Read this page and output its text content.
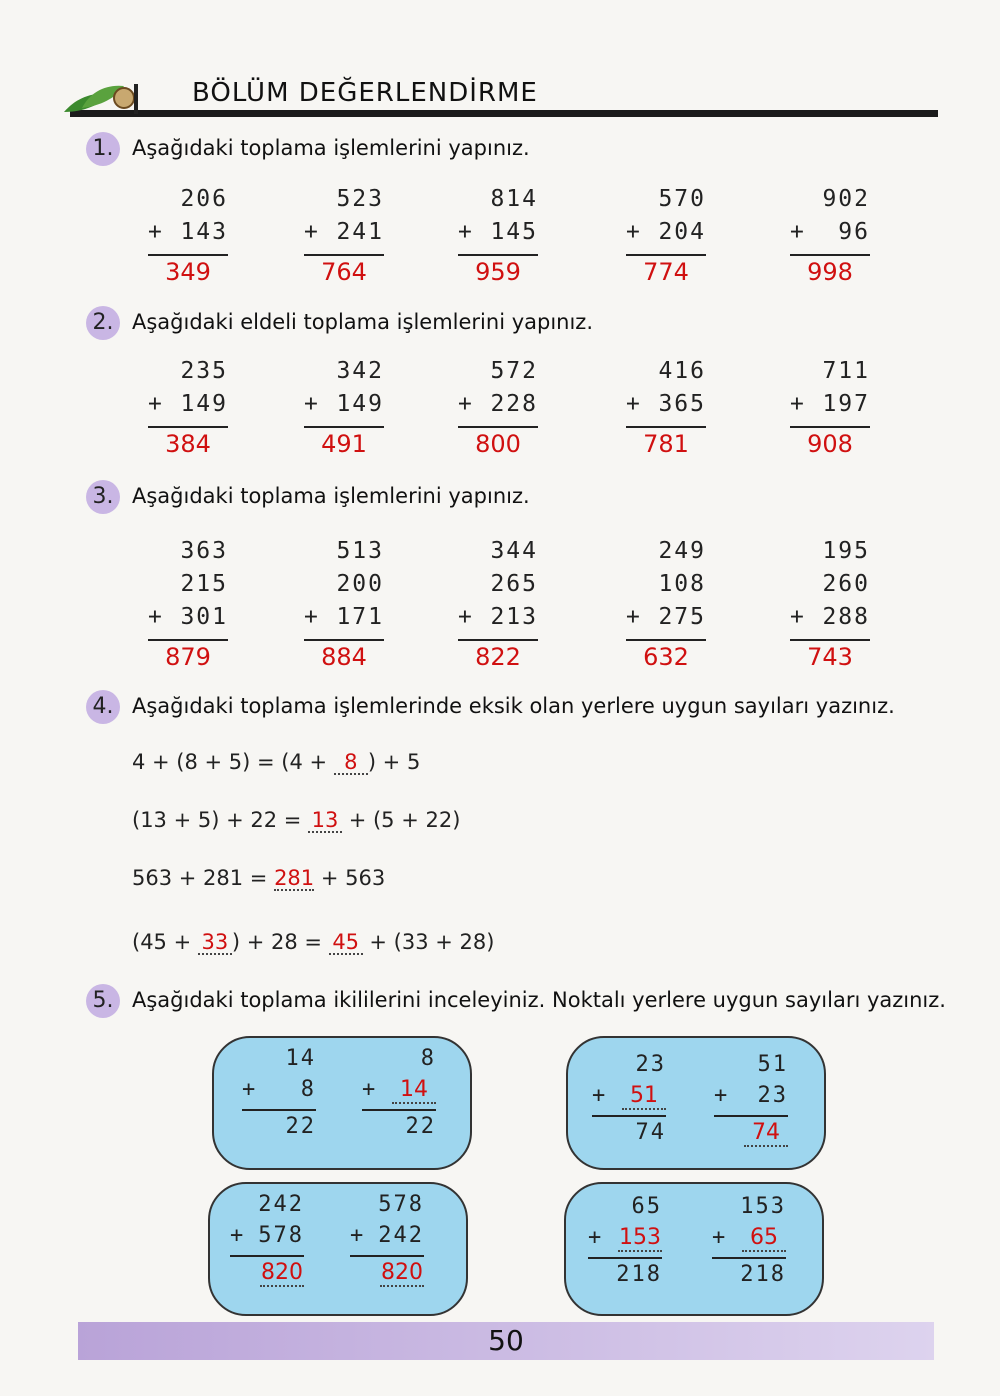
BÖLÜM DEĞERLENDİRME
1. Aşağıdaki toplama işlemlerini yapınız.
206
+ 143
349
523
+ 241
764
814
+ 145
959
570
+ 204
774
902
+ 96
998
2. Aşağıdaki eldeli toplama işlemlerini yapınız.
235
+ 149
384
342
+ 149
491
572
+ 228
800
416
+ 365
781
711
+ 197
908
3. Aşağıdaki toplama işlemlerini yapınız.
363
215
+ 301
879
513
200
+ 171
884
344
265
+ 213
822
249
108
+ 275
632
195
260
+ 288
743
4. Aşağıdaki toplama işlemlerinde eksik olan yerlere uygun sayıları yazınız.
4 + (8 + 5) = (4 + 8 ) + 5
(13 + 5) + 22 = 13 + (5 + 22)
563 + 281 = 281 + 563
(45 + 33 ) + 28 = 45 + (33 + 28)
5. Aşağıdaki toplama ikililerini inceleyiniz. Noktalı yerlere uygun sayıları yazınız.
14
+ 8
22
8
+ 14
22
23
+ 51
74
51
+ 23
74
242
+ 578
820
578
+ 242
820
65
+ 153
218
153
+ 65
218
50
